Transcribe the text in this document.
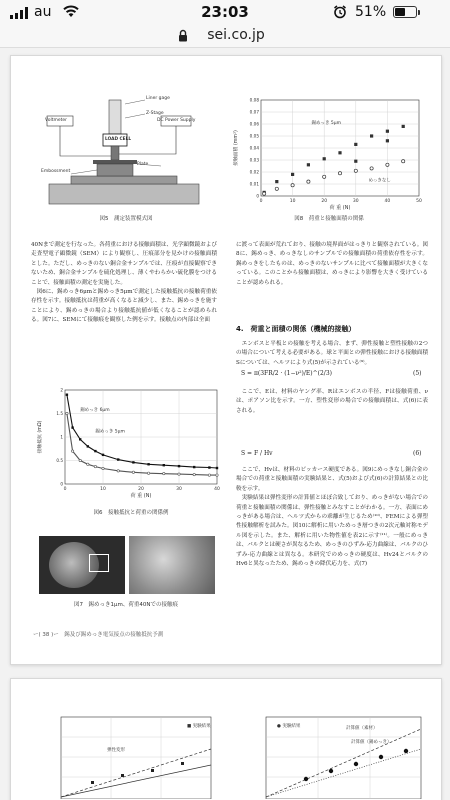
au	23:03	51%
sei.co.jp
Liner gage
Z-Stage
Voltmeter	DC Power Supply
LOAD CELL
Plate
Embossment
図5　測定装置模式図
0	10	20	30	40	50
0
0.01
0.02
0.03
0.04
0.05
0.06
0.07
0.08
荷 重 (N)
接触面積 (mm²)
錫めっき 5μm
めっきなし
図8　荷重と接触面積の関係

40Nまで測定を行なった。各荷重における接触面積は、光学顕微鏡および走査型電子顕微鏡（SEM）により観察し、圧痕部分を見かけの接触面積とした。ただし、めっきのない銅合金サンプルでは、圧痕が直接観察できないため、銅合金サンプルを硫化処理し、薄くやわらかい硫化膜をつけることで、接触面積の測定を実施した。

図6に、錫めっき6μmと錫めっき5μmで測定した接触抵抗の接触荷重依存性を示す。接触抵抗は荷重が高くなると減少し、また、錫めっきを施すことにより、錫めっきの場合より接触抵抗値が低くなることが認められる。図7に、SEMにて接触痕を観察した例を示す。接触点の内部は全面

に渡って表面が荒れており、接触の境界面がはっきりと観察されている。図8に、錫めっき、めっきなしのサンプルでの接触面積の荷重依存性を示す。錫めっきをしたものは、めっきのないサンプルに比べて接触面積が大きくなっている。このことから接触面積は、めっきにより影響を大きく受けていることが認められる。

4.　荷重と面積の関係（機械的接触）

エンボスと平板との接触を考える場合、まず、弾性接触と塑性接触の2つの場合について考える必要がある。球と平面との弾性接触における接触面積Sについては、ヘルツにより式(5)が示されている⁽⁹⁾。

S = π(3FR/2 · (1−ν²)/E)^(2/3)	(5)

ここで、Eは、材料のヤング率、Rはエンボスの半径、Fは接触荷重、νは、ポアソン比を示す。一方、塑性変形の場合での接触面積は、式(6)に表される。

S = F / Hv	(6)

ここで、Hvは、材料のビッカース硬度である。図9にめっきなし銅合金の場合での荷重と接触面積の実験結果と、式(5)および式(6)の計算結果との比較を示す。

実験結果は弾性変形の計算値とほぼ合致しており、めっきがない場合での荷重と接触面積の関係は、弾性接触とみなすことがわかる。一方、表面にめっきがある場合は、ヘルツ式からの乖離が生じるため⁽¹⁰⁾、FEMによる弾塑性接触解析を試みた。図10に解析に用いためっき層つきの2次元軸対称モデル図を示した。また、解析に用いた物性値を表2に示す⁽¹¹⁾。一般にめっきは、バルクとは硬さが異なるため、めっきのひずみ-応力曲線は、バルクのひずみ-応力曲線とは異なる。本研究でのめっきの硬度は、Hv24とバルクのHv6と異なったため、錫めっきの降伏応力を、式(7)

0	10	20	30	40
0
0.5
1
1.5
2
荷 重 (N)
接触抵抗 (mΩ)
錫めっき 6μm
錫めっき 5μm
図6　接触抵抗と荷重の関係例
図7　錫めっき1μm、荷重40Nでの接触痕
ー( 38 )ー　錫及び錫めっき電気接点の接触抵抗予測
■ 実験結果
弾性変形
● 実験結果	計算値（素材）
計算値（錫めっき）
